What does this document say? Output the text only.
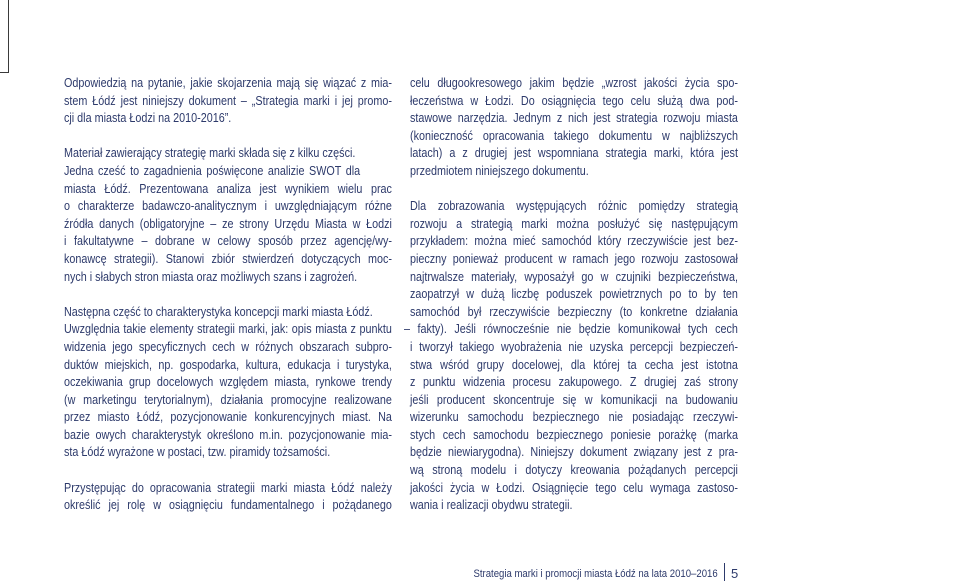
Odpowiedzią na pytanie, jakie skojarzenia mają się wiązać z mia-
stem Łódź jest niniejszy dokument – „Strategia marki i jej promo-
cji dla miasta Łodzi na 2010-2016”.
Materiał zawierający strategię marki składa się z kilku części.
Jedna cześć to zagadnienia poświęcone analizie SWOT dla
miasta Łódź. Prezentowana analiza jest wynikiem wielu prac
o charakterze badawczo-analitycznym i uwzględniającym różne
źródła danych (obligatoryjne – ze strony Urzędu Miasta w Łodzi
i fakultatywne – dobrane w celowy sposób przez agencję/wy-
konawcę strategii). Stanowi zbiór stwierdzeń dotyczących moc-
nych i słabych stron miasta oraz możliwych szans i zagrożeń.
Następna część to charakterystyka koncepcji marki miasta Łódź.
Uwzględnia takie elementy strategii marki, jak: opis miasta z punktu
widzenia jego specyficznych cech w różnych obszarach subpro-
duktów miejskich, np. gospodarka, kultura, edukacja i turystyka,
oczekiwania grup docelowych względem miasta, rynkowe trendy
(w marketingu terytorialnym), działania promocyjne realizowane
przez miasto Łódź, pozycjonowanie konkurencyjnych miast. Na
bazie owych charakterystyk określono m.in. pozycjonowanie mia-
sta Łódź wyrażone w postaci, tzw. piramidy tożsamości.
Przystępując do opracowania strategii marki miasta Łódź należy
określić jej rolę w osiągnięciu fundamentalnego i pożądanego
celu długookresowego jakim będzie „wzrost jakości życia spo-
łeczeństwa w Łodzi. Do osiągnięcia tego celu służą dwa pod-
stawowe narzędzia. Jednym z nich jest strategia rozwoju miasta
(konieczność opracowania takiego dokumentu w najbliższych
latach) a z drugiej jest wspomniana strategia marki, która jest
przedmiotem niniejszego dokumentu.
Dla zobrazowania występujących różnic pomiędzy strategią
rozwoju a strategią marki można posłużyć się następującym
przykładem: można mieć samochód który rzeczywiście jest bez-
pieczny ponieważ producent w ramach jego rozwoju zastosował
najtrwalsze materiały, wyposażył go w czujniki bezpieczeństwa,
zaopatrzył w dużą liczbę poduszek powietrznych po to by ten
samochód był rzeczywiście bezpieczny (to konkretne działania
– fakty). Jeśli równocześnie nie będzie komunikował tych cech
i tworzył takiego wyobrażenia nie uzyska percepcji bezpieczeń-
stwa wśród grupy docelowej, dla której ta cecha jest istotna
z punktu widzenia procesu zakupowego. Z drugiej zaś strony
jeśli producent skoncentruje się w komunikacji na budowaniu
wizerunku samochodu bezpiecznego nie posiadając rzeczywi-
stych cech samochodu bezpiecznego poniesie porażkę (marka
będzie niewiarygodna). Niniejszy dokument związany jest z pra-
wą stroną modelu i dotyczy kreowania pożądanych percepcji
jakości życia w Łodzi. Osiągnięcie tego celu wymaga zastoso-
wania i realizacji obydwu strategii.
Strategia marki i promocji miasta Łódź na lata 2010–2016 5
